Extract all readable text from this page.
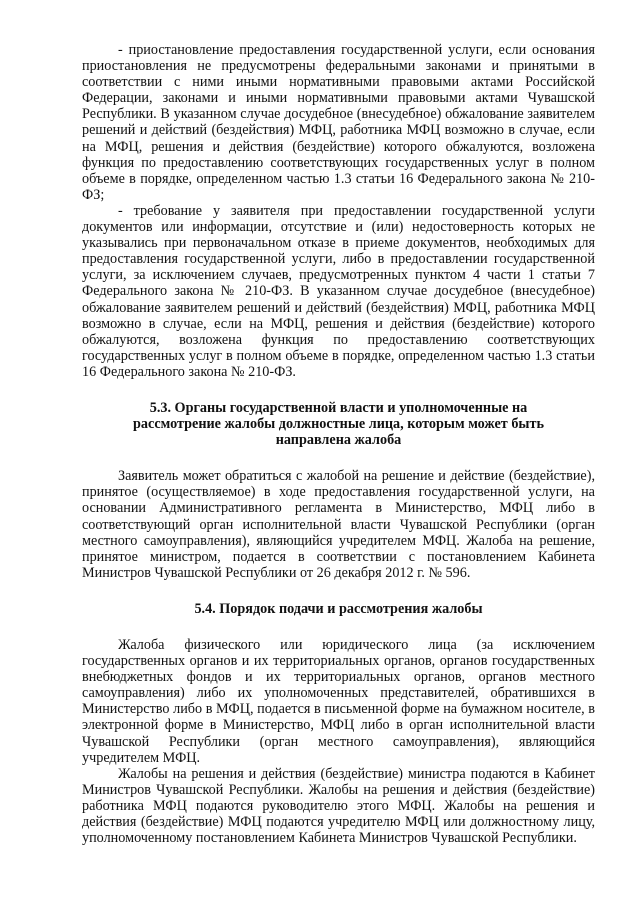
- приостановление предоставления государственной услуги, если основания приостановления не предусмотрены федеральными законами и принятыми в соответствии с ними иными нормативными правовыми актами Российской Федерации, законами и иными нормативными правовыми актами Чувашской Республики. В указанном случае досудебное (внесудебное) обжалование заявителем решений и действий (бездействия) МФЦ, работника МФЦ возможно в случае, если на МФЦ, решения и действия (бездействие) которого обжалуются, возложена функция по предоставлению соответствующих государственных услуг в полном объеме в порядке, определенном частью 1.3 статьи 16 Федерального закона № 210-ФЗ;

- требование у заявителя при предоставлении государственной услуги документов или информации, отсутствие и (или) недостоверность которых не указывались при первоначальном отказе в приеме документов, необходимых для предоставления государственной услуги, либо в предоставлении государственной услуги, за исключением случаев, предусмотренных пунктом 4 части 1 статьи 7 Федерального закона № 210-ФЗ. В указанном случае досудебное (внесудебное) обжалование заявителем решений и действий (бездействия) МФЦ, работника МФЦ возможно в случае, если на МФЦ, решения и действия (бездействие) которого обжалуются, возложена функция по предоставлению соответствующих государственных услуг в полном объеме в порядке, определенном частью 1.3 статьи 16 Федерального закона № 210-ФЗ.

5.3. Органы государственной власти и уполномоченные на
рассмотрение жалобы должностные лица, которым может быть
направлена жалоба

Заявитель может обратиться с жалобой на решение и действие (бездействие), принятое (осуществляемое) в ходе предоставления государственной услуги, на основании Административного регламента в Министерство, МФЦ либо в соответствующий орган исполнительной власти Чувашской Республики (орган местного самоуправления), являющийся учредителем МФЦ. Жалоба на решение, принятое министром, подается в соответствии с постановлением Кабинета Министров Чувашской Республики от 26 декабря 2012 г. № 596.

5.4. Порядок подачи и рассмотрения жалобы

Жалоба физического или юридического лица (за исключением государственных органов и их территориальных органов, органов государственных внебюджетных фондов и их территориальных органов, органов местного самоуправления) либо их уполномоченных представителей, обратившихся в Министерство либо в МФЦ, подается в письменной форме на бумажном носителе, в электронной форме в Министерство, МФЦ либо в орган исполнительной власти Чувашской Республики (орган местного самоуправления), являющийся учредителем МФЦ.

Жалобы на решения и действия (бездействие) министра подаются в Кабинет Министров Чувашской Республики. Жалобы на решения и действия (бездействие) работника МФЦ подаются руководителю этого МФЦ. Жалобы на решения и действия (бездействие) МФЦ подаются учредителю МФЦ или должностному лицу, уполномоченному постановлением Кабинета Министров Чувашской Республики.
